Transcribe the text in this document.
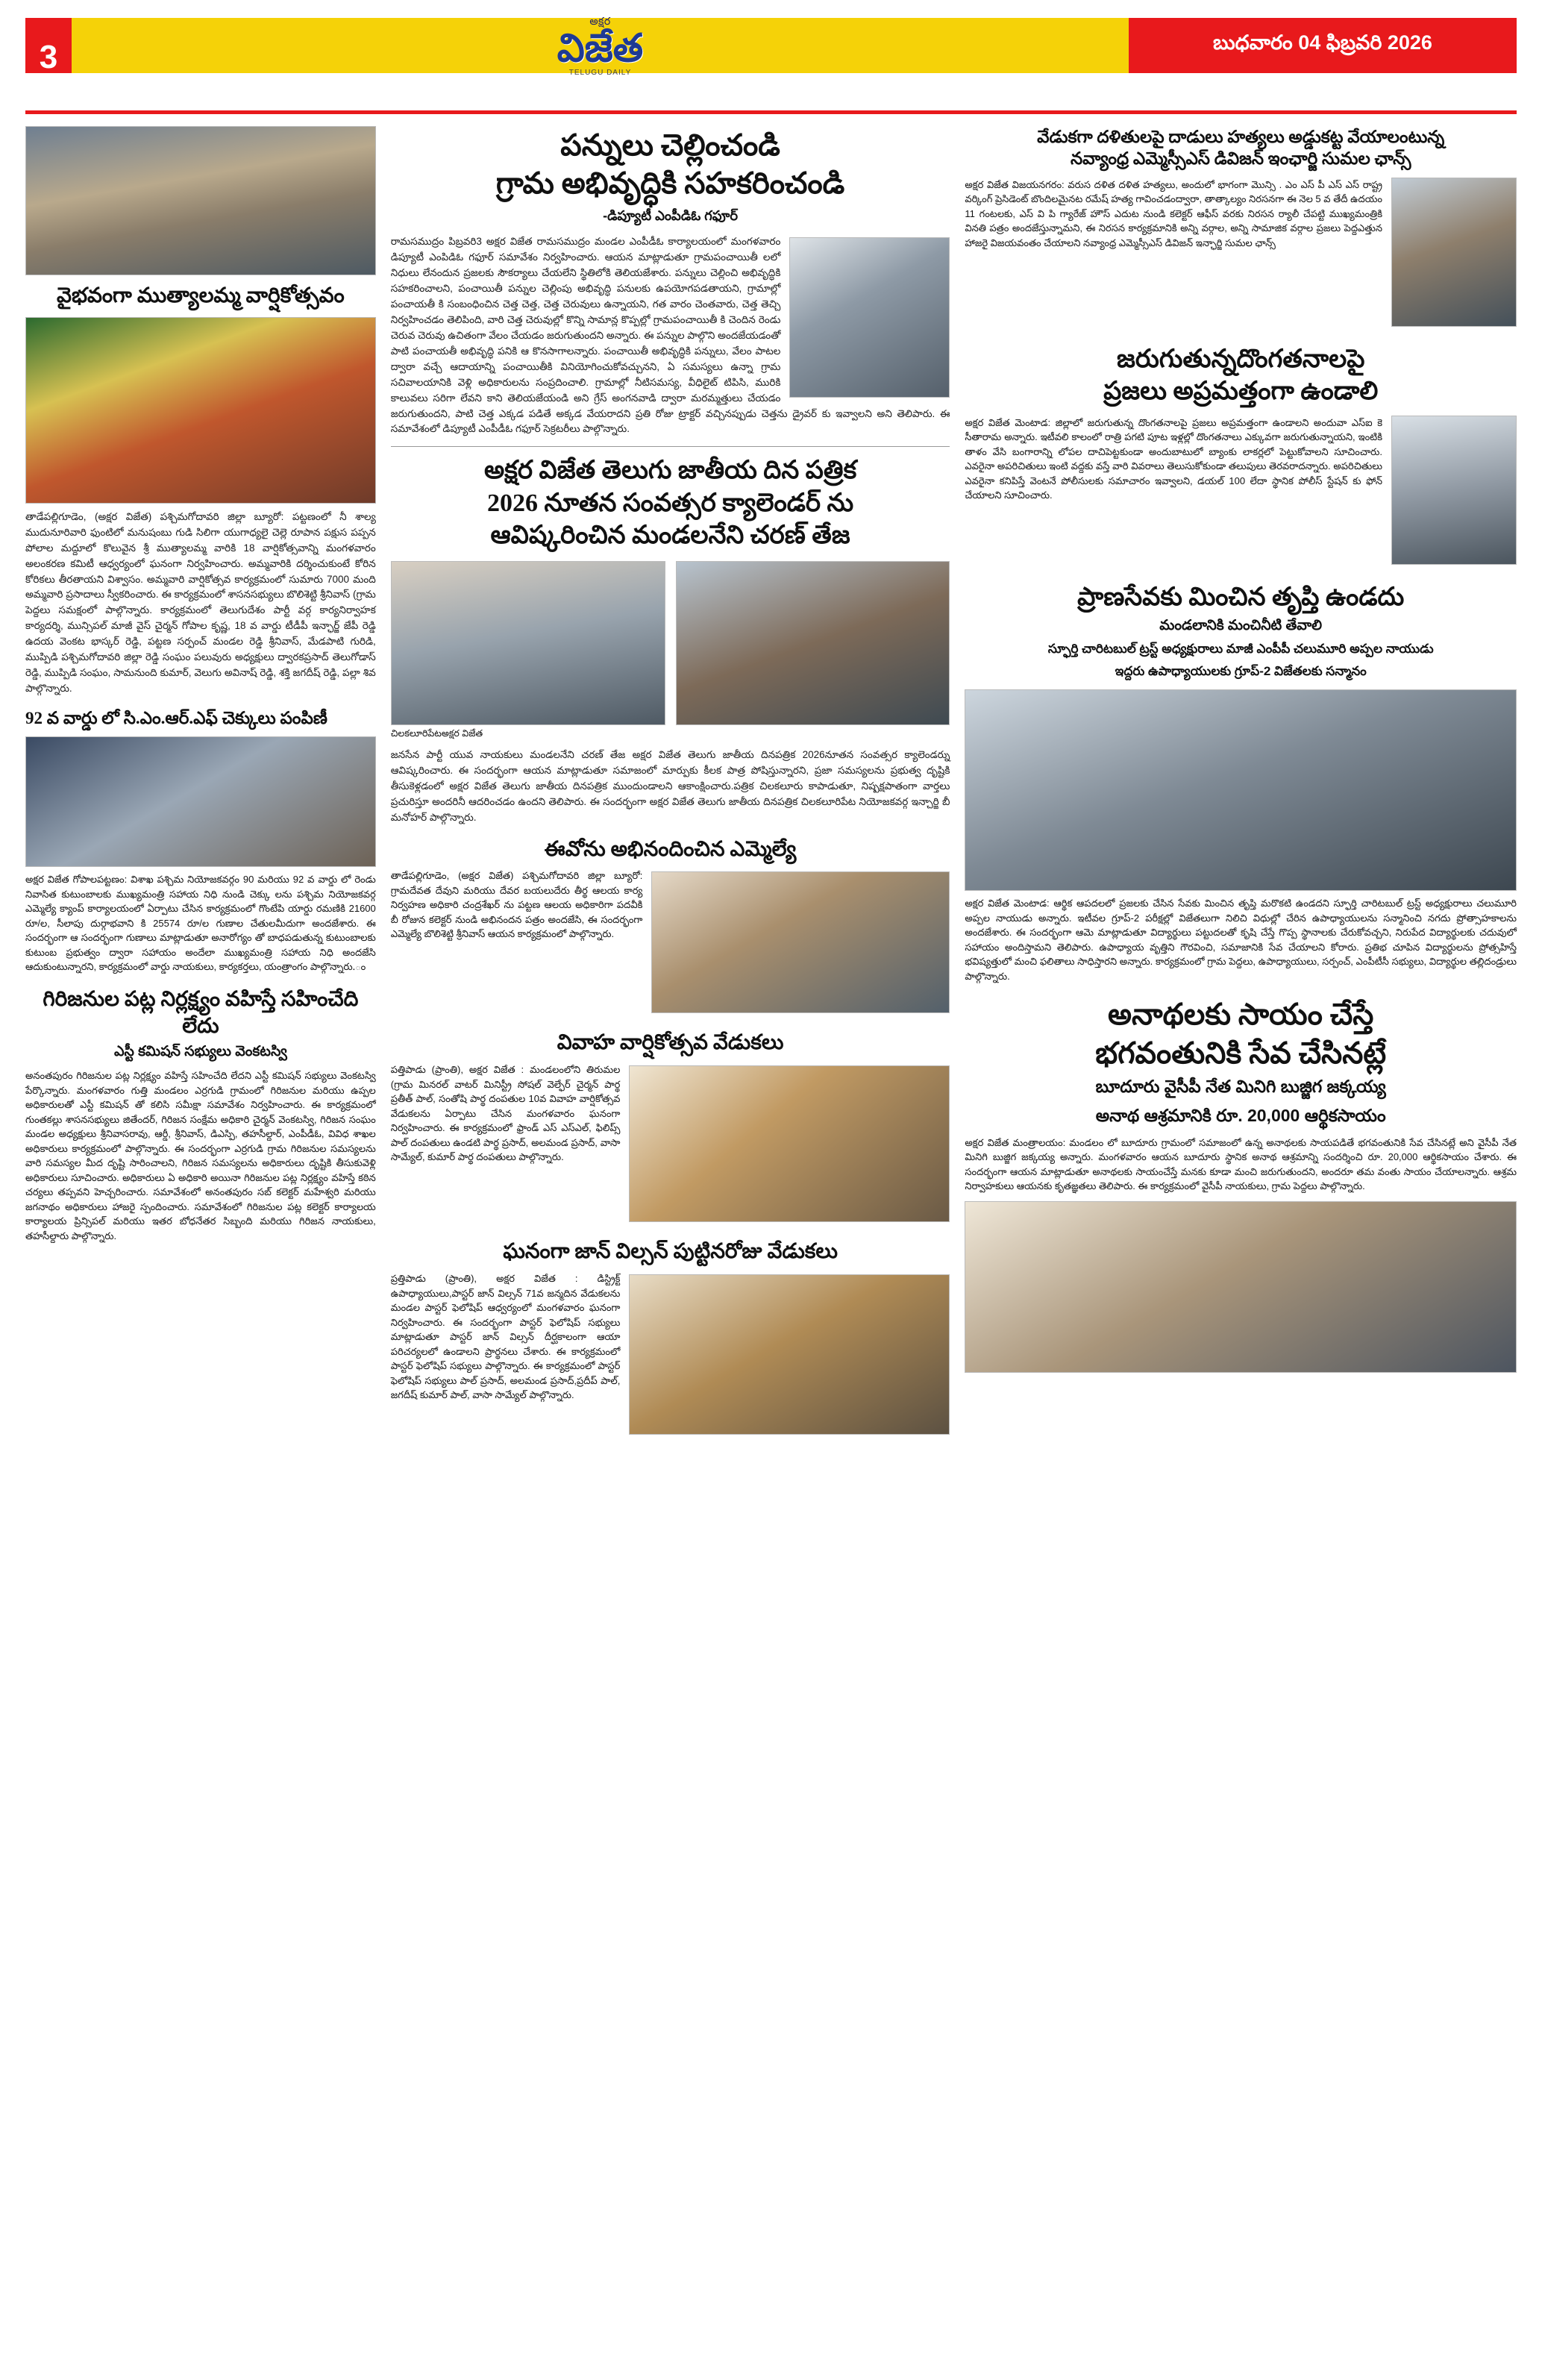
3
అక్షర
విజేత
TELUGU DAILY
బుధవారం 04 ఫిబ్రవరి 2026
వైభవంగా ముత్యాలమ్మ వార్షికోత్సవం

తాడేపల్లిగూడెం, (అక్షర విజేత) పశ్చిమగోదావరి జిల్లా బ్యూరో: పట్టణంలో నీ శాల్య ముదునూరివారి ఫుంటిలో మనుషంబు గుడి సిలిగా యుగాధ్యలై చెల్లె రూపాన పక్షుస పప్పన పోలాల మద్దూలో కొలువైన శ్రీ ముత్యాలమ్మ వారికి 18 వార్షికోత్సవాన్ని మంగళవారం అలంకరణ కమిటీ ఆధ్వర్యంలో ఘనంగా నిర్వహించారు. అమ్మవారికి దర్శించుకుంటే కోరిన కోరికలు తీరతాయని విశ్వాసం. అమ్మవారి వార్షికోత్సవ కార్యక్రమంలో సుమారు 7000 మంది అమ్మవారి ప్రసాదాలు స్వీకరించారు. ఈ కార్యక్రమంలో శాసనసభ్యులు బొలిశెట్టి శ్రీనివాస్ (గ్రామ పెద్దలు సమక్షంలో పాల్గొన్నారు. కార్యక్రమంలో తెలుగుదేశం పార్టీ వర్గ కార్యనిర్వాహక కార్యదర్శి, మున్సిపల్ మాజీ వైస్ చైర్మన్ గోపాల కృష్ణ, 18 వ వార్డు టీడీపీ ఇన్ఛార్జ్ జేపీ రెడ్డి ఉదయ వెంకట భాస్కర్ రెడ్డి, పట్టణ సర్పంచ్ మండల రెడ్డి శ్రీనివాస్, మేడపాటి గురిడి, ముప్పిడి పశ్చిమగోదావరి జిల్లా రెడ్డి సంఘం పలువురు అధ్యక్షులు ద్వారకప్రసాద్ తెలుగోడాస్ రెడ్డి, ముప్పిడి సంఘం, సామనుంది కుమార్, వెలుగు అవినాష్ రెడ్డి, శక్తి జగదీష్ రెడ్డి, పల్లా శివ పాల్గొన్నారు.

92 వ వార్డు లో సి.ఎం.ఆర్.ఎఫ్ చెక్కులు పంపిణీ

అక్షర విజేత గోపాలపట్టణం: విశాఖ పశ్చిమ నియోజకవర్గం 90 మరియు 92 వ వార్డు లో రెండు నివాసిత కుటుంబాలకు ముఖ్యమంత్రి సహాయ నిధి నుండి చెక్కు లను పశ్చిమ నియోజకవర్గ ఎమ్మెల్యే క్యాంప్ కార్యాలయంలో ఏర్పాటు చేసిన కార్యక్రమంలో గొంటేపి యార్డు రమణికి 21600 రూ/ల, సీలాపు దుర్గాభవాని కి 25574 రూ/ల గుణాల చేతులమీదుగా అందజేశారు. ఈ సందర్భంగా ఆ సందర్భంగా గుణాలు మాట్లాడుతూ అనారోగ్యం తో బాధపడుతున్న కుటుంబాలకు కుటుంబ ప్రభుత్వం ద్వారా సహాయం అందేలా ముఖ్యమంత్రి సహాయ నిధి అందజేసి ఆదుకుంటున్నారని, కార్యక్రమంలో వార్డు నాయకులు, కార్యకర్తలు, యంత్రాంగం పాల్గొన్నారు.ం

గిరిజనుల పట్ల నిర్లక్ష్యం వహిస్తే సహించేది లేదు
ఎస్టీ కమిషన్ సభ్యులు వెంకటస్వి

అనంతపురం గిరిజనుల పట్ల నిర్లక్ష్యం వహిస్తే సహించేది లేదని ఎస్టీ కమిషన్ సభ్యులు వెంకటస్వి పేర్కొన్నారు. మంగళవారం గుత్తి మండలం ఎర్రగుడి గ్రామంలో గిరిజనుల మరియు ఉప్పల అధికారులతో ఎస్టీ కమిషన్ తో కలిసి సమీక్షా సమావేశం నిర్వహించారు. ఈ కార్యక్రమంలో గుంతకల్లు శాసనసభ్యులు జితేందర్, గిరిజన సంక్షేమ అధికారి చైర్మన్ వెంకటస్వి, గిరిజన సంఘం మండల అధ్యక్షులు శ్రీనివాసరావు, ఆర్డీ, శ్రీనివాస్, డిఎస్పి, తహసీల్దార్, ఎంపీడీఓ, వివిధ శాఖల అధికారులు కార్యక్రమంలో పాల్గొన్నారు. ఈ సందర్భంగా ఎర్రగుడి గ్రామ గిరిజనుల సమస్యలను వారి సమస్యల మీద దృష్టి సారించాలని, గిరిజన సమస్యలను అధికారులు దృష్టికి తీసుకువెళ్లి అధికారులు సూచించారు. అధికారులు ఏ అధికారి అయినా గిరిజనుల పట్ల నిర్లక్ష్యం వహిస్తే కఠిన చర్యలు తప్పవని హెచ్చరించారు. సమావేశంలో అనంతపురం సబ్ కలెక్టర్ మహేశ్వరి మరియు జగనాథం అధికారులు హాజరై స్పందించారు. సమావేశంలో గిరిజనుల పట్ల కలెక్టర్ కార్యాలయ కార్యాలయ ప్రిన్సిపల్ మరియు ఇతర బోధనేతర సిబ్బంది మరియు గిరిజన నాయకులు, తహసీల్దారు పాల్గొన్నారు.

పన్నులు చెల్లించండి
గ్రామ అభివృద్ధికి సహకరించండి
-డిప్యూటీ ఎంపీడిఓ గఫూర్

రామసముద్రం పిబ్రవరి3 అక్షర విజేత రామసముద్రం మండల ఎంపీడీఓ కార్యాలయంలో మంగళవారం డిప్యూటీ ఎంపిడిఓ గఫూర్ సమావేశం నిర్వహించారు. ఆయన మాట్లాడుతూ గ్రామపంచాయితీ లలో నిధులు లేనందున ప్రజలకు సౌకర్యాలు చేయలేని స్థితిలోకి తెలియజేశారు. పన్నులు చెల్లించి అభివృద్ధికి సహకరించాలని, పంచాయితీ పన్నుల చెల్లింపు అభివృద్ధి పనులకు ఉపయోగపడతాయని, గ్రామాల్లో పంచాయతీ కి సంబంధించిన చెత్త చెత్త, చెత్త చెరువులు ఉన్నాయని, గత వారం చెంతవారు, చెత్త తెచ్చి నిర్వహించడం తెలిపింది, వారి చెత్త చెరువుల్లో కొన్ని సామాన్ల కొప్పల్లో గ్రామపంచాయితీ కి చెందిన రెండు చెరువ చెరువు ఉచితంగా వేలం చేయడం జరుగుతుందని అన్నారు. ఈ పన్నుల పాల్గొని అందజేయడంతో పాటి పంచాయతీ అభివృద్ధి పనికి ఆ కొనసాగాలన్నారు. పంచాయితీ అభివృద్ధికి పన్నులు, వేలం పాటల ద్వారా వచ్చే ఆదాయాన్ని పంచాయితీకి వినియోగించుకోవచ్చునని, ఏ సమస్యలు ఉన్నా గ్రామ సచివాలయానికి వెళ్లి అధికారులను సంప్రదించాలి. గ్రామాల్లో నీటిసమస్య, వీధిలైట్ టిపిసి, మురికి కాలువలు సరిగా లేవని కాని తెలియజేయండి అని గ్రేస్ అంగనవాడి ద్వారా మరమ్మత్తులు చేయడం జరుగుతుందని, పాటి చెత్త ఎక్కడ పడితే అక్కడ వేయరాదని ప్రతి రోజు ట్రాక్టర్ వచ్చినప్పుడు చెత్తను డ్రైవర్ కు ఇవ్వాలని అని తెలిపారు. ఈ సమావేశంలో డిప్యూటీ ఎంపీడీఓ గఫూర్ సెక్రటరీలు పాల్గొన్నారు.

అక్షర విజేత తెలుగు జాతీయ దిన పత్రిక
2026 నూతన సంవత్సర క్యాలెండర్ ను
ఆవిష్కరించిన మండలనేని చరణ్ తేజ
చిలకలూరిపేటఅక్షర విజేత

జనసేన పార్టీ యువ నాయకులు మండలనేని చరణ్ తేజ అక్షర విజేత తెలుగు జాతీయ దినపత్రిక 2026నూతన సంవత్సర క్యాలెండర్ను ఆవిష్కరించారు. ఈ సందర్భంగా ఆయన మాట్లాడుతూ సమాజంలో మార్పుకు కీలక పాత్ర పోషిస్తున్నారని, ప్రజా సమస్యలను ప్రభుత్వ దృష్టికి తీసుకెళ్లడంలో అక్షర విజేత తెలుగు జాతీయ దినపత్రిక ముందుండాలని ఆకాంక్షించారు.పత్రిక చిలకలూరు కాపాడుతూ, నిష్పక్షపాతంగా వార్తలు ప్రచురిస్తూ అందరినీ ఆదరించడం ఉందని తెలిపారు. ఈ సందర్భంగా అక్షర విజేత తెలుగు జాతీయ దినపత్రిక చిలకలూరిపేట నియోజకవర్గ ఇన్చార్జి బీ మనోహర్ పాల్గొన్నారు.

ఈవోను అభినందించిన ఎమ్మెల్యే

తాడేపల్లిగూడెం, (అక్షర విజేత) పశ్చిమగోదావరి జిల్లా బ్యూరో: గ్రామదేవత దేవుని మరియు దేవర బయలుదేరు తీర్థ ఆలయ కార్య నిర్వహణ అధికారి చంద్రశేఖర్ ను పట్టణ ఆలయ అధికారిగా పదవీకి బీ రోజున కలెక్టర్ నుండి అభినందన పత్రం అందజేసి, ఈ సందర్భంగా ఎమ్మెల్యే బొలిశెట్టి శ్రీనివాస్ ఆయన కార్యక్రమంలో పాల్గొన్నారు.

వివాహ వార్షికోత్సవ వేడుకలు

పత్తిపాడు (ప్రాంతి), అక్షర విజేత : మండలంలోని తిరుమల (గ్రామ మినరల్ వాటర్ మినిస్ట్రీ సోషల్ వెల్ఫేర్ చైర్మన్ పార్థ ప్రతీత్ పాల్, సంతోషి పార్థ దంపతుల 10వ వివాహ వార్షికోత్సవ వేడుకలను ఏర్పాటు చేసిన మంగళవారం ఘనంగా నిర్వహించారు. ఈ కార్యక్రమంలో ఫ్రాండ్ ఎస్ ఎస్ఎల్, ఫిలిప్స్ పాల్ దంపతులు ఉండటి పార్థ ప్రసాద్, అలమండ ప్రసాద్, వాసా సామ్యేల్, కుమార్ పార్థ దంపతులు పాల్గొన్నారు.

ఘనంగా జాన్ విల్సన్ పుట్టినరోజు వేడుకలు

ప్రత్తిపాడు (ప్రాంతి), అక్షర విజేత : డిస్ట్రిక్ట్ ఉపాధ్యాయులు,పాస్టర్ జాన్ విల్సన్ 71వ జన్మదిన వేడుకలను మండల పాస్టర్ ఫెలోషిప్ ఆధ్వర్యంలో మంగళవారం ఘనంగా నిర్వహించారు. ఈ సందర్భంగా పాస్టర్ ఫెలోషిప్ సభ్యులు మాట్లాడుతూ పాస్టర్ జాన్ విల్సన్ దీర్ఘకాలంగా ఆయా పరిచర్యలలో ఉండాలని ప్రార్థనలు చేశారు. ఈ కార్యక్రమంలో పాస్టర్ ఫెలోషిప్ సభ్యులు పాల్గొన్నారు. ఈ కార్యక్రమంలో పాస్టర్ ఫెలోషిప్ సభ్యులు పాల్ ప్రసాద్, అలమండ ప్రసాద్,ప్రదీప్ పాల్, జగదీష్ కుమార్ పాల్, వాసా సామ్యేల్ పాల్గొన్నారు.

వేడుకగా దళితులపై దాడులు హత్యలు అడ్డుకట్ట వేయాలంటున్న
నవ్యాంధ్ర ఎమ్మెస్సీఎస్ డివిజన్ ఇంఛార్జి సుమల ఛాన్స్

అక్షర విజేత విజయనగరం: వరుస దళిత దళిత హత్యలు, అందులో భాగంగా మొన్సి . ఎం ఎస్ పీ ఎస్ ఎస్ రాష్ట్ర వర్కింగ్ ప్రెసిడెంట్ బొందిలమైనట రమేష్ హత్య గావించడంద్వారా, తాత్కాల్యం నిరసనగా ఈ నెల 5 వ తేదీ ఉదయం 11 గంటలకు, ఎస్ వి పి గ్యారేజ్ హౌస్ ఎదుట నుండి కలెక్టర్ ఆఫీస్ వరకు నిరసన ర్యాలీ చేపట్టి ముఖ్యమంత్రికి వినతి పత్రం అందజేస్తున్నామని, ఈ నిరసన కార్యక్రమానికి అన్ని వర్గాల, అన్ని సామాజిక వర్గాల ప్రజలు పెద్దఎత్తున హాజరై విజయవంతం చేయాలని నవ్యాంధ్ర ఎమ్మెస్సీఎస్ డివిజన్ ఇన్ఛార్జి సుమల ఛాన్స్

జరుగుతున్నదొంగతనాలపై
ప్రజలు అప్రమత్తంగా ఉండాలి

అక్షర విజేత మెంటాడ: జిల్లాలో జరుగుతున్న దొంగతనాలపై ప్రజలు అప్రమత్తంగా ఉండాలని అందువా ఎస్ఐ కె సీతారామ అన్నారు. ఇటీవలి కాలంలో రాత్రి పగటి పూట ఇళ్లల్లో దొంగతనాలు ఎక్కువగా జరుగుతున్నాయని, ఇంటికి తాళం వేసి బంగారాన్ని లోపల దాచిపెట్టకుండా అందుబాటులో బ్యాంకు లాకర్లలో పెట్టుకోవాలని సూచించారు. ఎవరైనా అపరిచితులు ఇంటి వద్దకు వస్తే వారి వివరాలు తెలుసుకోకుండా తలుపులు తెరవరాదన్నారు. అపరిచితులు ఎవరైనా కనిపిస్తే వెంటనే పోలీసులకు సమాచారం ఇవ్వాలని, డయల్ 100 లేదా స్థానిక పోలీస్ స్టేషన్ కు ఫోన్ చేయాలని సూచించారు.

ప్రాణసేవకు మించిన తృప్తి ఉండదు
మండలానికి మంచినీటి తేవాలి
స్ఫూర్తి చారిటబుల్ ట్రస్ట్ అధ్యక్షురాలు మాజీ ఎంపీపీ చలుమూరి అప్పల నాయుడు
ఇద్దరు ఉపాధ్యాయులకు గ్రూప్-2 విజేతలకు సన్మానం

అక్షర విజేత మెంటాడ: ఆర్థిక ఆపదలలో ప్రజలకు చేసిన సేవకు మించిన తృప్తి మరొకటి ఉండదని స్ఫూర్తి చారిటబుల్ ట్రస్ట్ అధ్యక్షురాలు చలుమూరి అప్పల నాయుడు అన్నారు. ఇటీవల గ్రూప్-2 పరీక్షల్లో విజేతలుగా నిలిచి విధుల్లో చేరిన ఉపాధ్యాయులను సన్మానించి నగదు ప్రోత్సాహకాలను అందజేశారు. ఈ సందర్భంగా ఆమె మాట్లాడుతూ విద్యార్థులు పట్టుదలతో కృషి చేస్తే గొప్ప స్థానాలకు చేరుకోవచ్చని, నిరుపేద విద్యార్థులకు చదువులో సహాయం అందిస్తామని తెలిపారు. ఉపాధ్యాయ వృత్తిని గౌరవించి, సమాజానికి సేవ చేయాలని కోరారు. ప్రతిభ చూపిన విద్యార్థులను ప్రోత్సహిస్తే భవిష్యత్తులో మంచి ఫలితాలు సాధిస్తారని అన్నారు. కార్యక్రమంలో గ్రామ పెద్దలు, ఉపాధ్యాయులు, సర్పంచ్, ఎంపీటీసీ సభ్యులు, విద్యార్థుల తల్లిదండ్రులు పాల్గొన్నారు.

అనాథలకు సాయం చేస్తే
భగవంతునికి సేవ చేసినట్లే
బూదూరు వైసీపీ నేత మినిగి బుజ్జిగ జక్కయ్య
అనాథ ఆశ్రమానికి రూ. 20,000 ఆర్థికసాయం

అక్షర విజేత మంత్రాలయం: మండలం లో బూదూరు గ్రామంలో సమాజంలో ఉన్న అనాథలకు సాయపడితే భగవంతునికి సేవ చేసినట్లే అని వైసీపీ నేత మినిగి బుజ్జిగ జక్కయ్య అన్నారు. మంగళవారం ఆయన బూదూరు స్థానిక అనాథ ఆశ్రమాన్ని సందర్శించి రూ. 20,000 ఆర్థికసాయం చేశారు. ఈ సందర్భంగా ఆయన మాట్లాడుతూ అనాథలకు సాయంచేస్తే మనకు కూడా మంచి జరుగుతుందని, అందరూ తమ వంతు సాయం చేయాలన్నారు. ఆశ్రమ నిర్వాహకులు ఆయనకు కృతజ్ఞతలు తెలిపారు. ఈ కార్యక్రమంలో వైసీపీ నాయకులు, గ్రామ పెద్దలు పాల్గొన్నారు.
